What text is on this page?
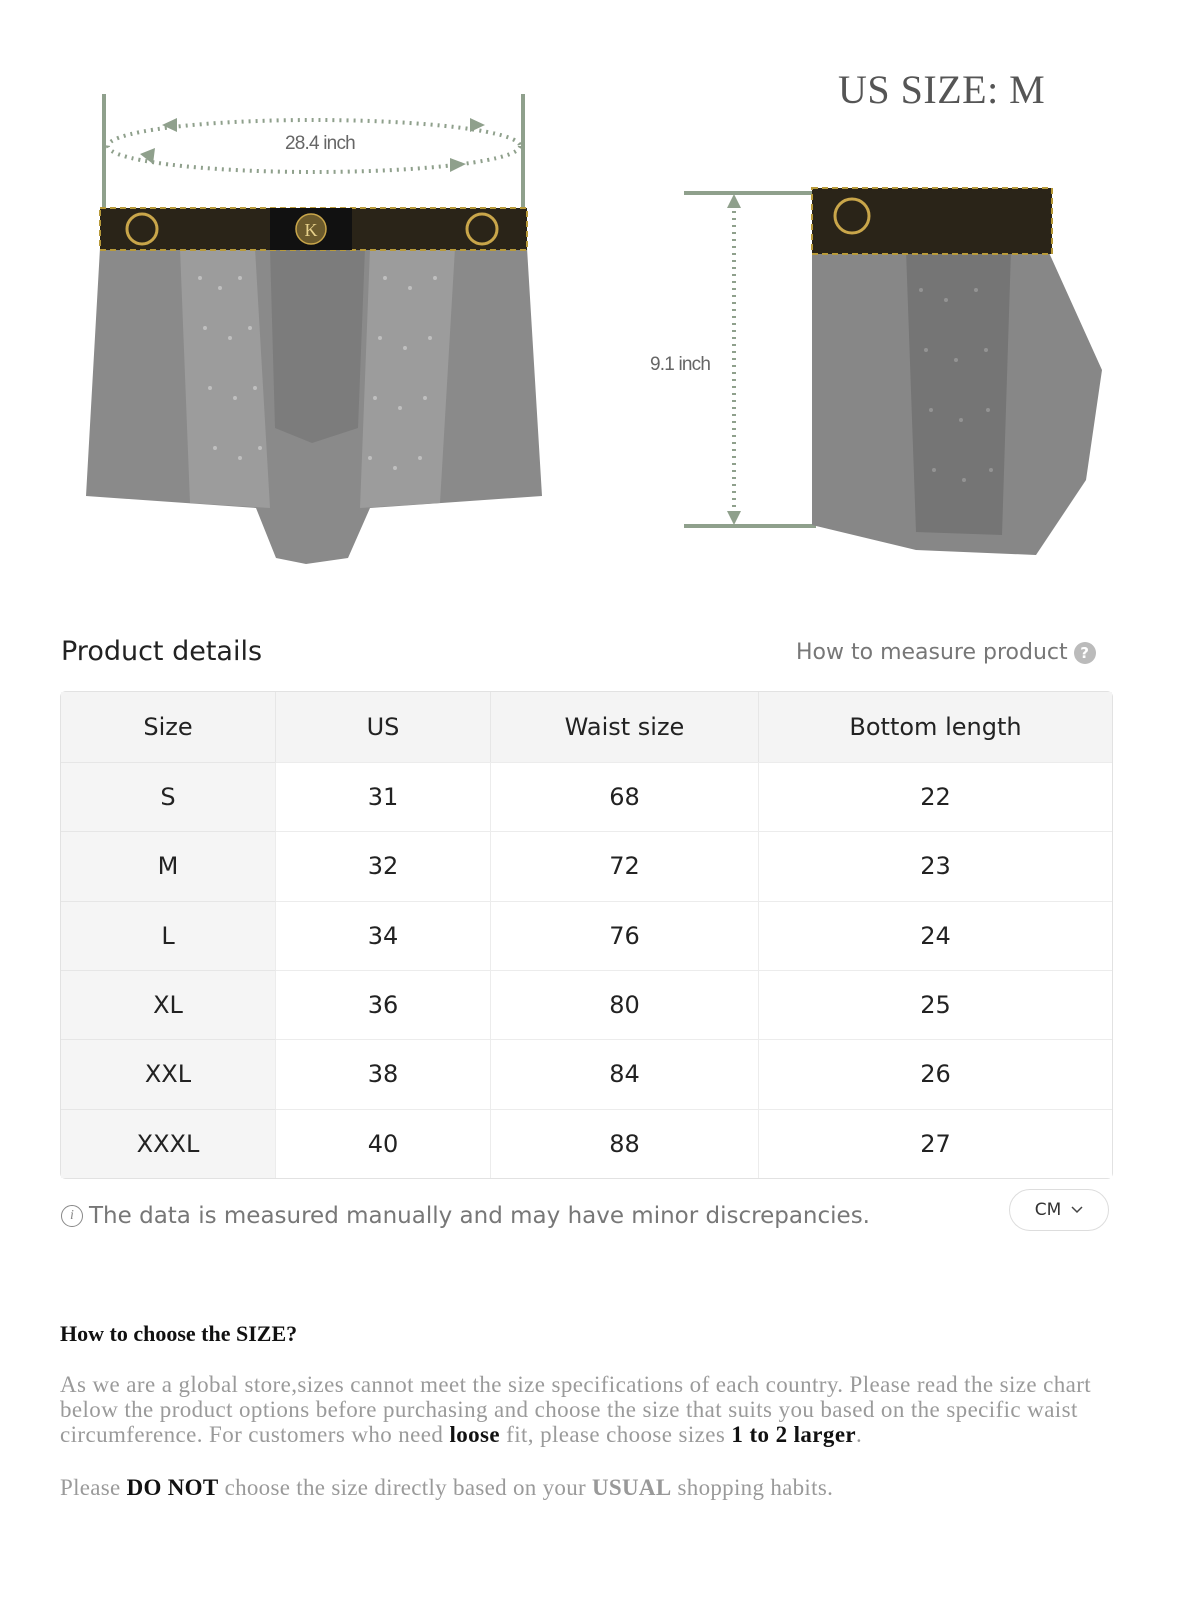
US SIZE: M
K
28.4 inch
9.1 inch
Product details	How to measure product ?
Size	US	Waist size	Bottom length
S	31	68	22
M	32	72	23
L	34	76	24
XL	36	80	25
XXL	38	84	26
XXXL	40	88	27
i The data is measured manually and may have minor discrepancies.	CM
How to choose the SIZE?
As we are a global store,sizes cannot meet the size specifications of each country. Please read the size chart below the product options before purchasing and choose the size that suits you based on the specific waist circumference. For customers who need loose fit, please choose sizes 1 to 2 larger.
Please DO NOT choose the size directly based on your USUAL shopping habits.
